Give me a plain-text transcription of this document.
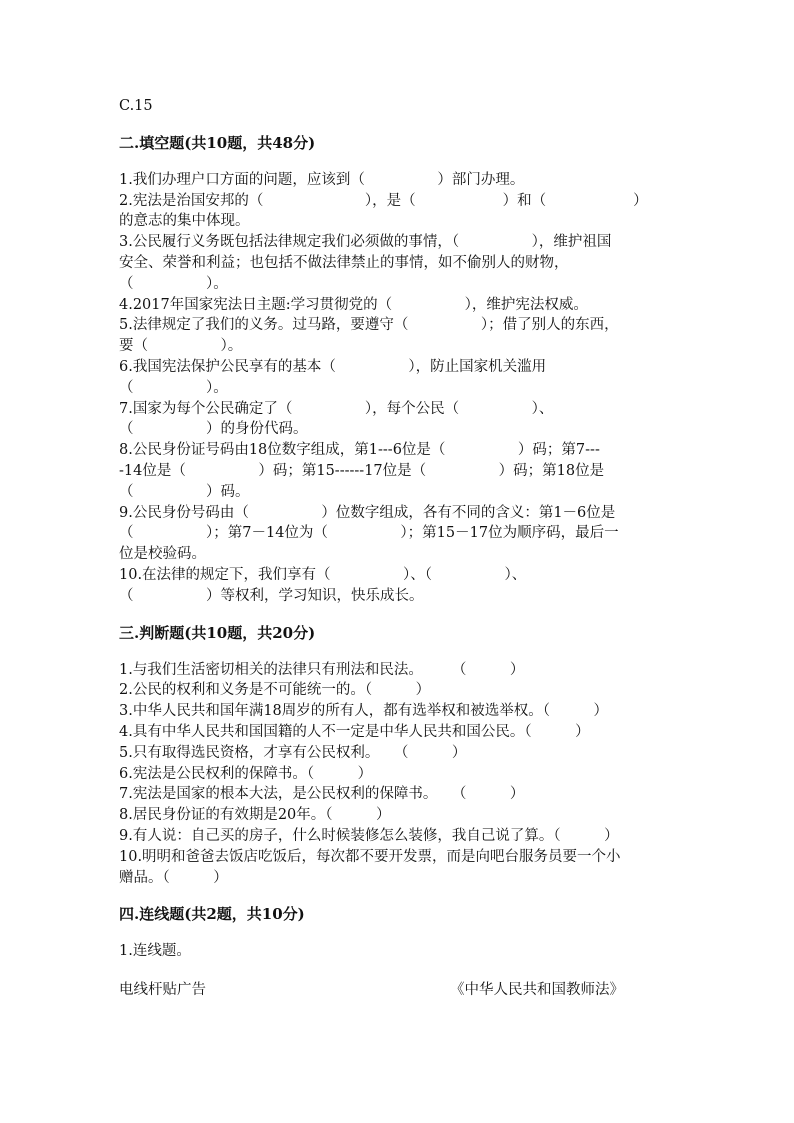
C.15
二.填空题(共10题，共48分)
1.我们办理户口方面的问题，应该到（　　　　　）部门办理。
2.宪法是治国安邦的（　　　　　　　），是（　　　　　　）和（　　　　　　）
的意志的集中体现。
3.公民履行义务既包括法律规定我们必须做的事情，（　　　　　），维护祖国
安全、荣誉和利益；也包括不做法律禁止的事情，如不偷别人的财物，
（　　　　　）。
4.2017年国家宪法日主题:学习贯彻党的（　　　　　），维护宪法权威。
5.法律规定了我们的义务。过马路，要遵守（　　　　　）；借了别人的东西，
要（　　　　　）。
6.我国宪法保护公民享有的基本（　　　　　），防止国家机关滥用
（　　　　　）。
7.国家为每个公民确定了（　　　　　），每个公民（　　　　　）、
（　　　　　）的身份代码。
8.公民身份证号码由18位数字组成，第1---6位是（　　　　　）码；第7---
-14位是（　　　　　）码；第15------17位是（　　　　　）码；第18位是
（　　　　　）码。
9.公民身份号码由（　　　　　）位数字组成，各有不同的含义：第1－6位是
（　　　　　）；第7－14位为（　　　　　）；第15－17位为顺序码，最后一
位是校验码。
10.在法律的规定下，我们享有（　　　　　）、（　　　　　）、
（　　　　　）等权利，学习知识，快乐成长。
三.判断题(共10题，共20分)
1.与我们生活密切相关的法律只有刑法和民法。　　　（　　　）
2.公民的权利和义务是不可能统一的。（　　　）
3.中华人民共和国年满18周岁的所有人，都有选举权和被选举权。（　　　）
4.具有中华人民共和国国籍的人不一定是中华人民共和国公民。（　　　）
5.只有取得选民资格，才享有公民权利。　　（　　　）
6.宪法是公民权利的保障书。（　　　）
7.宪法是国家的根本大法，是公民权利的保障书。　　（　　　）
8.居民身份证的有效期是20年。（　　　）
9.有人说：自己买的房子，什么时候装修怎么装修，我自己说了算。（　　　）
10.明明和爸爸去饭店吃饭后，每次都不要开发票，而是向吧台服务员要一个小
赠品。（　　　）
四.连线题(共2题，共10分)
1.连线题。
电线杆贴广告	《中华人民共和国教师法》
